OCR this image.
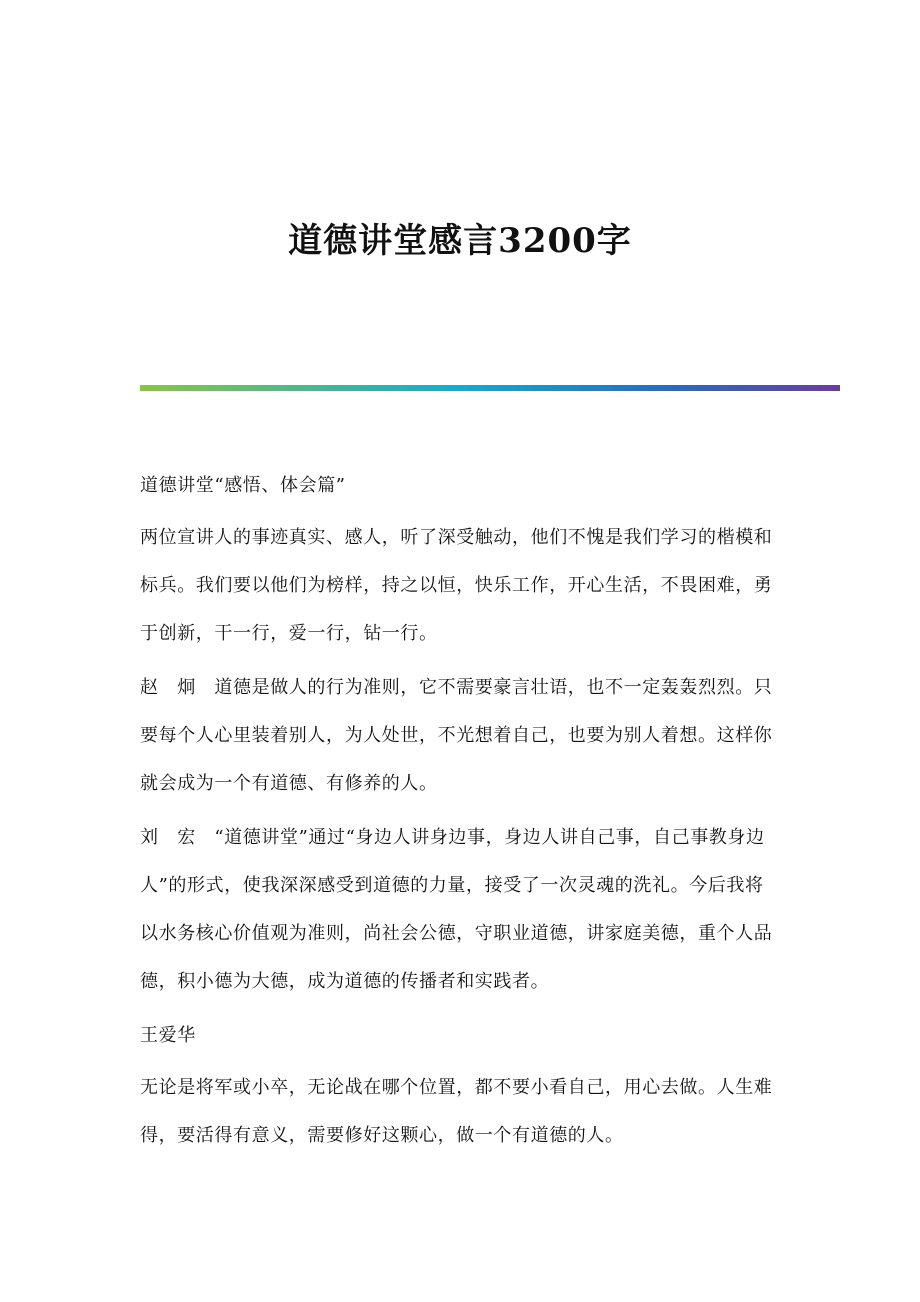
道德讲堂感言3200字

道德讲堂“感悟、体会篇”

两位宣讲人的事迹真实、感人，听了深受触动，他们不愧是我们学习的楷模和标兵。我们要以他们为榜样，持之以恒，快乐工作，开心生活，不畏困难，勇于创新，干一行，爱一行，钻一行。

赵　炯　道德是做人的行为准则，它不需要豪言壮语，也不一定轰轰烈烈。只要每个人心里装着别人，为人处世，不光想着自己，也要为别人着想。这样你就会成为一个有道德、有修养的人。

刘　宏　“道德讲堂”通过“身边人讲身边事，身边人讲自己事，自己事教身边人”的形式，使我深深感受到道德的力量，接受了一次灵魂的洗礼。今后我将以水务核心价值观为准则，尚社会公德，守职业道德，讲家庭美德，重个人品德，积小德为大德，成为道德的传播者和实践者。

王爱华

无论是将军或小卒，无论战在哪个位置，都不要小看自己，用心去做。人生难得，要活得有意义，需要修好这颗心，做一个有道德的人。
